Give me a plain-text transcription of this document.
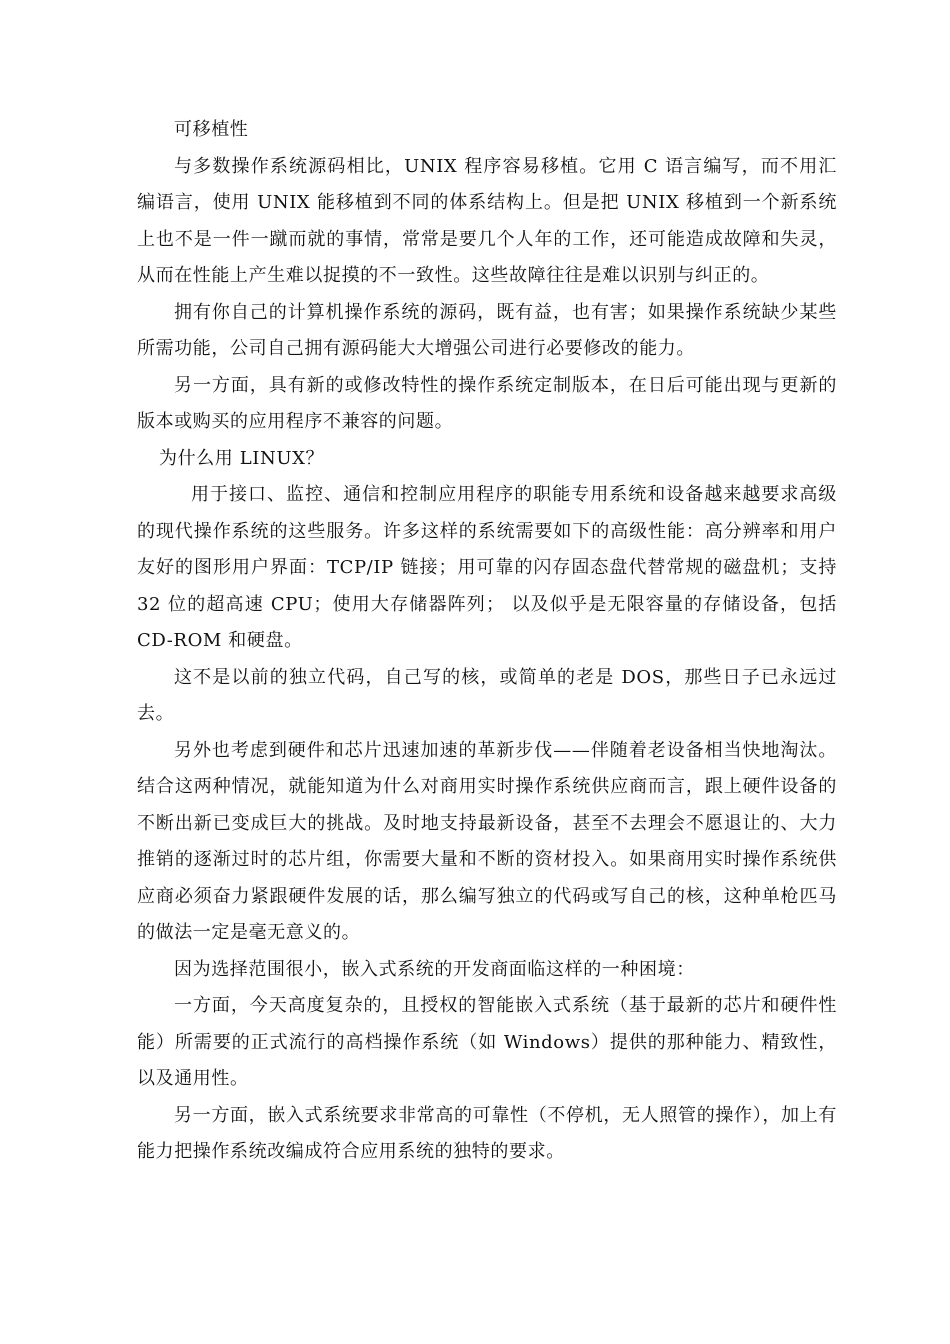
可移植性

与多数操作系统源码相比，UNIX 程序容易移植。它用 C 语言编写，而不用汇编语言，使用 UNIX 能移植到不同的体系结构上。但是把 UNIX 移植到一个新系统上也不是一件一蹴而就的事情，常常是要几个人年的工作，还可能造成故障和失灵，从而在性能上产生难以捉摸的不一致性。这些故障往往是难以识别与纠正的。

拥有你自己的计算机操作系统的源码，既有益，也有害；如果操作系统缺少某些所需功能，公司自己拥有源码能大大增强公司进行必要修改的能力。

另一方面，具有新的或修改特性的操作系统定制版本，在日后可能出现与更新的版本或购买的应用程序不兼容的问题。

为什么用 LINUX？

用于接口、监控、通信和控制应用程序的职能专用系统和设备越来越要求高级的现代操作系统的这些服务。许多这样的系统需要如下的高级性能：高分辨率和用户友好的图形用户界面：TCP/IP 链接；用可靠的闪存固态盘代替常规的磁盘机；支持 32 位的超高速 CPU；使用大存储器阵列； 以及似乎是无限容量的存储设备，包括 CD-ROM 和硬盘。

这不是以前的独立代码，自己写的核，或简单的老是 DOS，那些日子已永远过去。

另外也考虑到硬件和芯片迅速加速的革新步伐——伴随着老设备相当快地淘汰。结合这两种情况，就能知道为什么对商用实时操作系统供应商而言，跟上硬件设备的不断出新已变成巨大的挑战。及时地支持最新设备，甚至不去理会不愿退让的、大力推销的逐渐过时的芯片组，你需要大量和不断的资材投入。如果商用实时操作系统供应商必须奋力紧跟硬件发展的话，那么编写独立的代码或写自己的核，这种单枪匹马的做法一定是毫无意义的。

因为选择范围很小，嵌入式系统的开发商面临这样的一种困境：

一方面，今天高度复杂的，且授权的智能嵌入式系统（基于最新的芯片和硬件性能）所需要的正式流行的高档操作系统（如 Windows）提供的那种能力、精致性，以及通用性。

另一方面，嵌入式系统要求非常高的可靠性（不停机，无人照管的操作），加上有能力把操作系统改编成符合应用系统的独特的要求。
